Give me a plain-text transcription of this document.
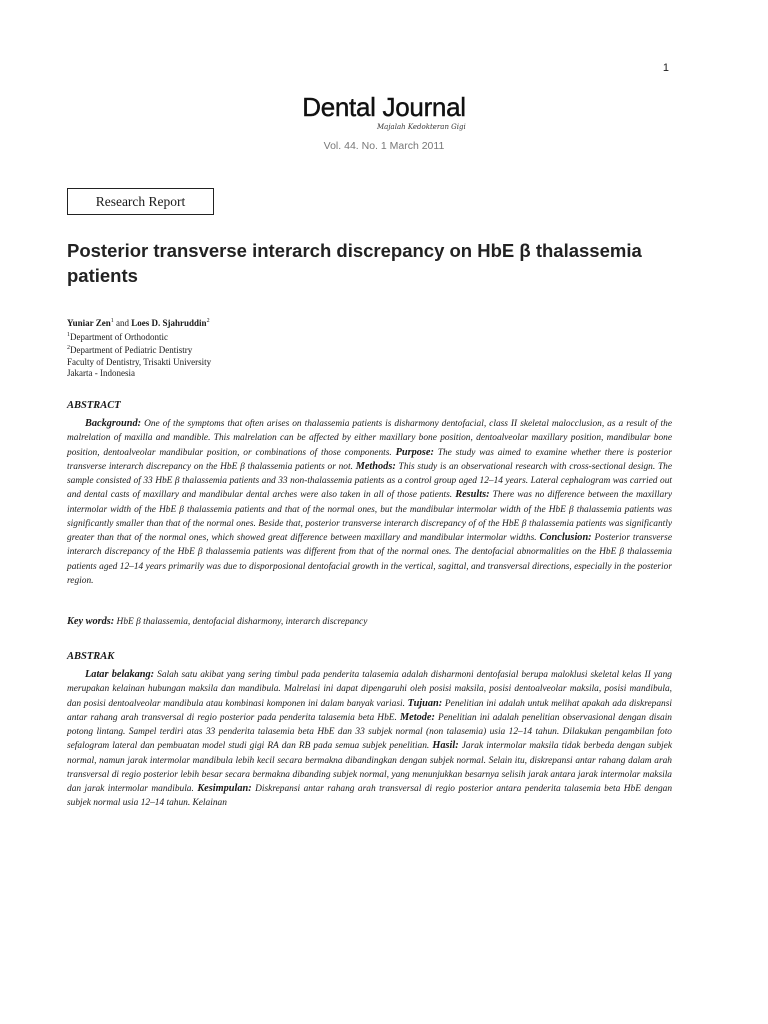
1
Dental Journal
Majalah Kedokteran Gigi
Vol. 44. No. 1 March 2011
Research Report
Posterior transverse interarch discrepancy on HbE β thalassemia patients
Yuniar Zen$^1$ and Loes D. Sjahruddin$^2$
$^1$Department of Orthodontic
$^2$Department of Pediatric Dentistry
Faculty of Dentistry, Trisakti University
Jakarta - Indonesia
ABSTRACT

Background: One of the symptoms that often arises on thalassemia patients is disharmony dentofacial, class II skeletal malocclusion, as a result of the malrelation of maxilla and mandible. This malrelation can be affected by either maxillary bone position, dentoalveolar maxillary position, mandibular bone position, dentoalveolar mandibular position, or combinations of those components. Purpose: The study was aimed to examine whether there is posterior transverse interarch discrepancy on the HbE β thalassemia patients or not. Methods: This study is an observational research with cross-sectional design. The sample consisted of 33 HbE β thalassemia patients and 33 non-thalassemia patients as a control group aged 12–14 years. Lateral cephalogram was carried out and dental casts of maxillary and mandibular dental arches were also taken in all of those patients. Results: There was no difference between the maxillary intermolar width of the HbE β thalassemia patients and that of the normal ones, but the mandibular intermolar width of the HbE β thalassemia patients was significantly smaller than that of the normal ones. Beside that, posterior transverse interarch discrepancy of of the HbE β thalassemia patients was significantly greater than that of the normal ones, which showed great difference between maxillary and mandibular intermolar widths. Conclusion: Posterior transverse interarch discrepancy of the HbE β thalassemia patients was different from that of the normal ones. The dentofacial abnormalities on the HbE β thalassemia patients aged 12–14 years primarily was due to disporposional dentofacial growth in the vertical, sagittal, and transversal directions, especially in the posterior region.

Key words: HbE β thalassemia, dentofacial disharmony, interarch discrepancy
ABSTRAK

Latar belakang: Salah satu akibat yang sering timbul pada penderita talasemia adalah disharmoni dentofasial berupa maloklusi skeletal kelas II yang merupakan kelainan hubungan maksila dan mandibula. Malrelasi ini dapat dipengaruhi oleh posisi maksila, posisi dentoalveolar maksila, posisi mandibula, dan posisi dentoalveolar mandibula atau kombinasi komponen ini dalam banyak variasi. Tujuan: Penelitian ini adalah untuk melihat apakah ada diskrepansi antar rahang arah transversal di regio posterior pada penderita talasemia beta HbE. Metode: Penelitian ini adalah penelitian observasional dengan disain potong lintang. Sampel terdiri atas 33 penderita talasemia beta HbE dan 33 subjek normal (non talasemia) usia 12–14 tahun. Dilakukan pengambilan foto sefalogram lateral dan pembuatan model studi gigi RA dan RB pada semua subjek penelitian. Hasil: Jarak intermolar maksila tidak berbeda dengan subjek normal, namun jarak intermolar mandibula lebih kecil secara bermakna dibandingkan dengan subjek normal. Selain itu, diskrepansi antar rahang dalam arah transversal di regio posterior lebih besar secara bermakna dibanding subjek normal, yang menunjukkan besarnya selisih jarak antara jarak intermolar maksila dan jarak intermolar mandibula. Kesimpulan: Diskrepansi antar rahang arah transversal di regio posterior antara penderita talasemia beta HbE dengan subjek normal usia 12–14 tahun. Kelainan
